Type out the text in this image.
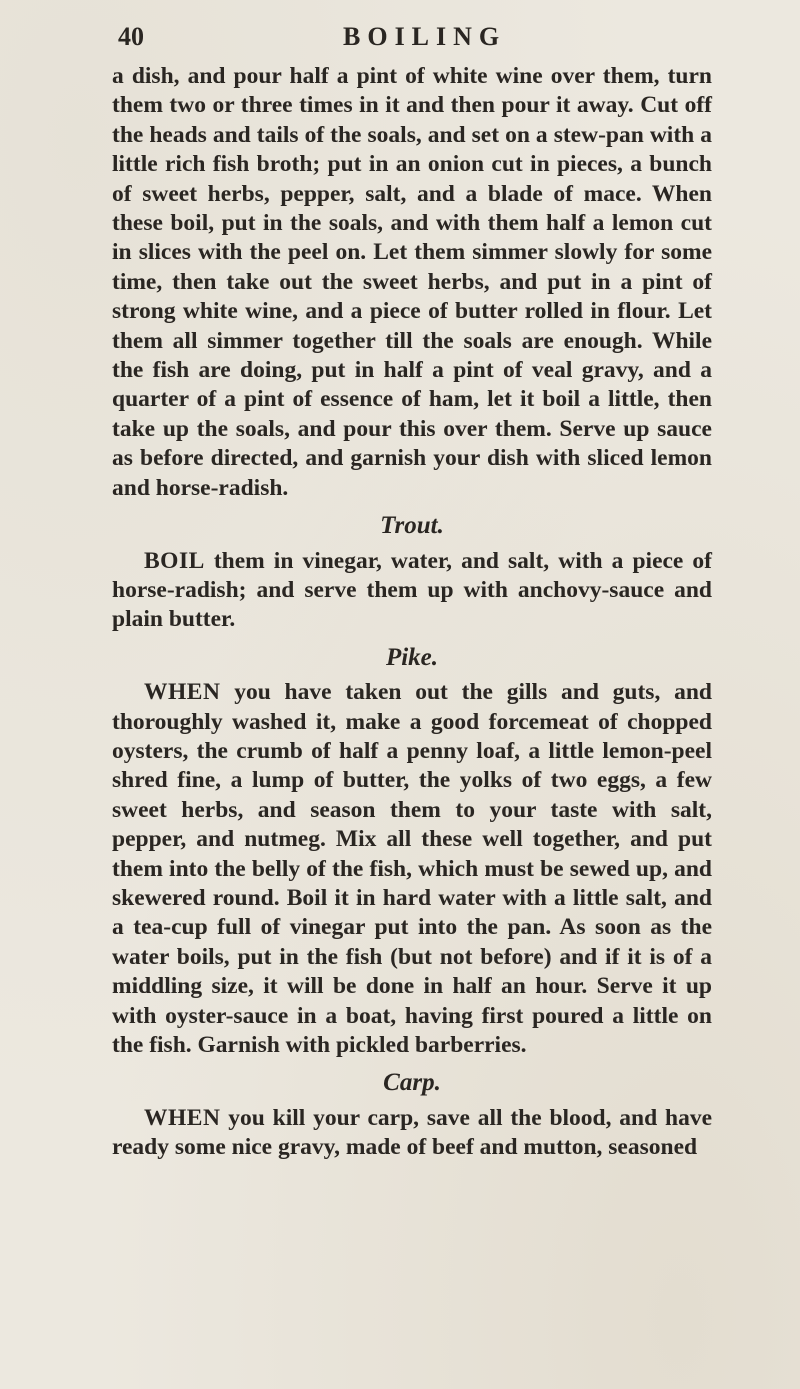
40	BOILING

a dish, and pour half a pint of white wine over them, turn them two or three times in it and then pour it away. Cut off the heads and tails of the soals, and set on a stew-pan with a little rich fish broth; put in an onion cut in pieces, a bunch of sweet herbs, pepper, salt, and a blade of mace. When these boil, put in the soals, and with them half a lemon cut in slices with the peel on. Let them simmer slowly for some time, then take out the sweet herbs, and put in a pint of strong white wine, and a piece of butter rolled in flour. Let them all simmer together till the soals are enough. While the fish are doing, put in half a pint of veal gravy, and a quarter of a pint of essence of ham, let it boil a little, then take up the soals, and pour this over them. Serve up sauce as before directed, and garnish your dish with sliced lemon and horse-radish.

Trout.

BOIL them in vinegar, water, and salt, with a piece of horse-radish; and serve them up with anchovy-sauce and plain butter.

Pike.

WHEN you have taken out the gills and guts, and thoroughly washed it, make a good forcemeat of chopped oysters, the crumb of half a penny loaf, a little lemon-peel shred fine, a lump of butter, the yolks of two eggs, a few sweet herbs, and season them to your taste with salt, pepper, and nutmeg. Mix all these well together, and put them into the belly of the fish, which must be sewed up, and skewered round. Boil it in hard water with a little salt, and a tea-cup full of vinegar put into the pan. As soon as the water boils, put in the fish (but not before) and if it is of a middling size, it will be done in half an hour. Serve it up with oyster-sauce in a boat, having first poured a little on the fish. Garnish with pickled barberries.

Carp.

WHEN you kill your carp, save all the blood, and have ready some nice gravy, made of beef and mutton, seasoned
